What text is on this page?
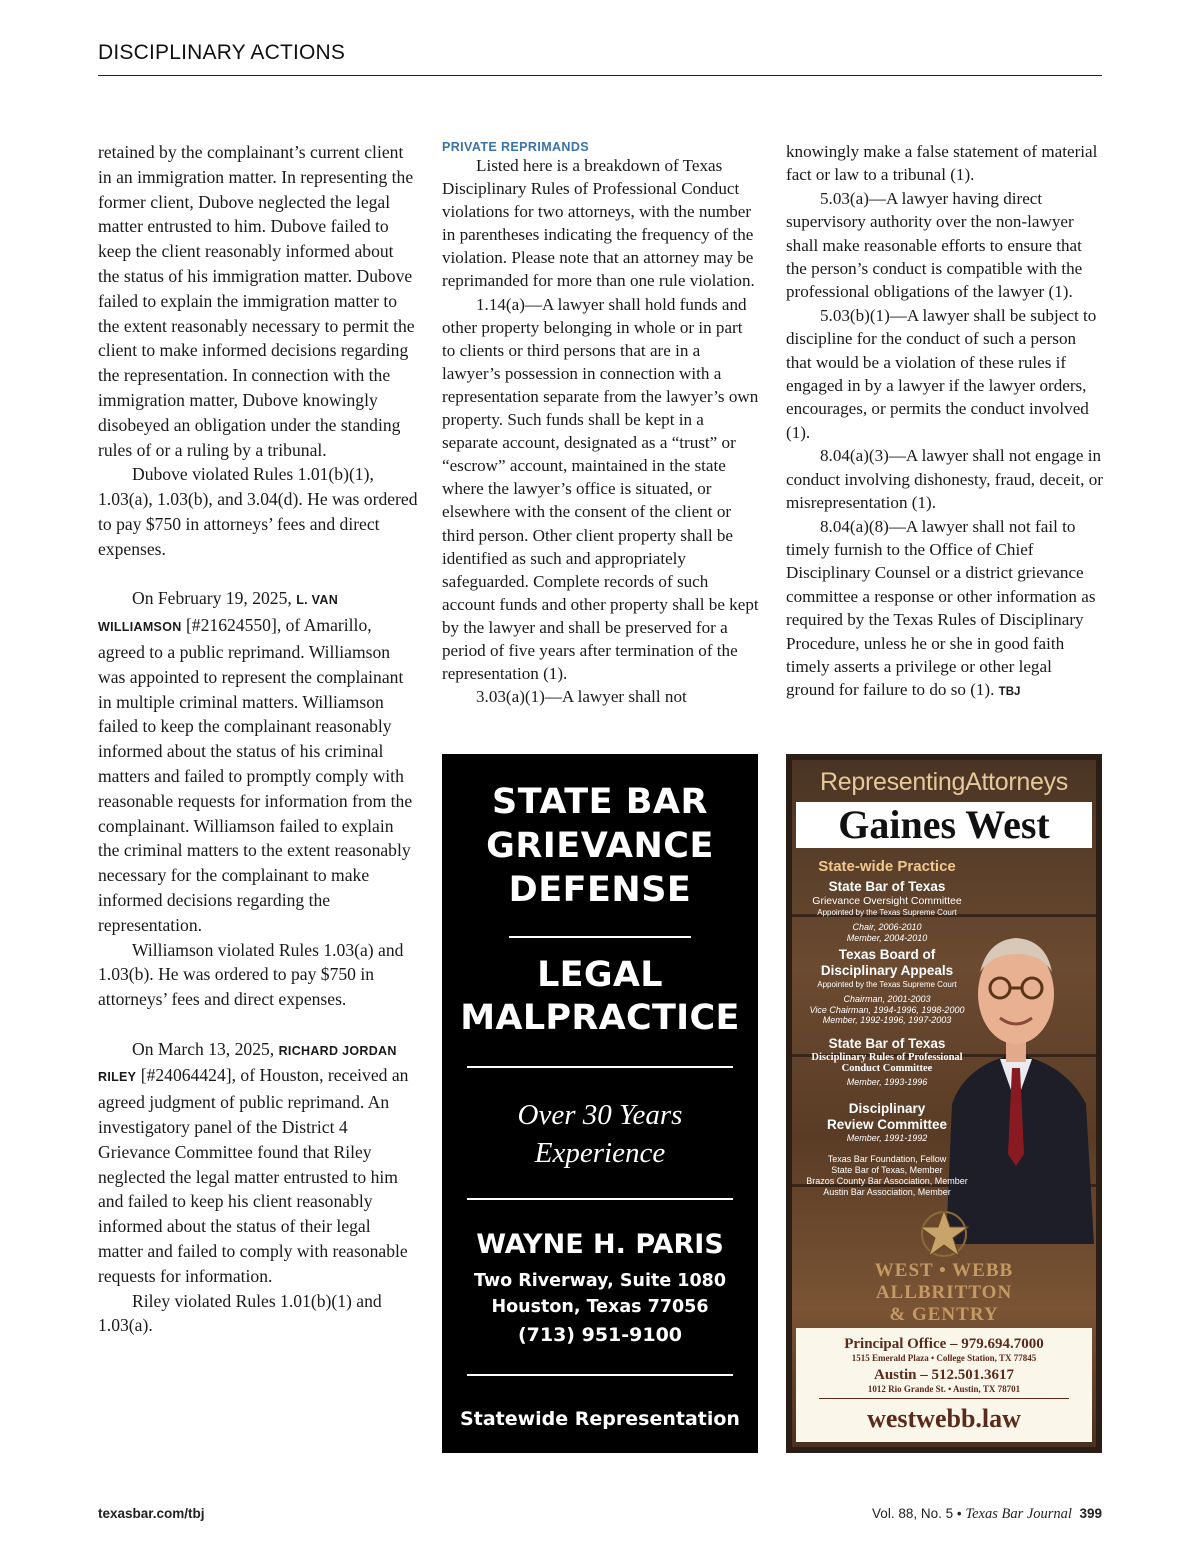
DISCIPLINARY ACTIONS

retained by the complainant’s current client in an immigration matter. In representing the former client, Dubove neglected the legal matter entrusted to him. Dubove failed to keep the client reasonably informed about the status of his immigration matter. Dubove failed to explain the immigration matter to the extent reasonably necessary to permit the client to make informed decisions regarding the representation. In connection with the immigration matter, Dubove knowingly disobeyed an obligation under the standing rules of or a ruling by a tribunal.

Dubove violated Rules 1.01(b)(1), 1.03(a), 1.03(b), and 3.04(d). He was ordered to pay $750 in attorneys’ fees and direct expenses.

On February 19, 2025, L. VAN WILLIAMSON [#21624550], of Amarillo, agreed to a public reprimand. Williamson was appointed to represent the complainant in multiple criminal matters. Williamson failed to keep the complainant reasonably informed about the status of his criminal matters and failed to promptly comply with reasonable requests for information from the complainant. Williamson failed to explain the criminal matters to the extent reasonably necessary for the complainant to make informed decisions regarding the representation.

Williamson violated Rules 1.03(a) and 1.03(b). He was ordered to pay $750 in attorneys’ fees and direct expenses.

On March 13, 2025, RICHARD JORDAN RILEY [#24064424], of Houston, received an agreed judgment of public reprimand. An investigatory panel of the District 4 Grievance Committee found that Riley neglected the legal matter entrusted to him and failed to keep his client reasonably informed about the status of their legal matter and failed to comply with reasonable requests for information.

Riley violated Rules 1.01(b)(1) and 1.03(a).

PRIVATE REPRIMANDS

Listed here is a breakdown of Texas Disciplinary Rules of Professional Conduct violations for two attorneys, with the number in parentheses indicating the frequency of the violation. Please note that an attorney may be reprimanded for more than one rule violation.

1.14(a)—A lawyer shall hold funds and other property belonging in whole or in part to clients or third persons that are in a lawyer’s possession in connection with a representation separate from the lawyer’s own property. Such funds shall be kept in a separate account, designated as a “trust” or “escrow” account, maintained in the state where the lawyer’s office is situated, or elsewhere with the consent of the client or third person. Other client property shall be identified as such and appropriately safeguarded. Complete records of such account funds and other property shall be kept by the lawyer and shall be preserved for a period of five years after termination of the representation (1).

3.03(a)(1)—A lawyer shall not

knowingly make a false statement of material fact or law to a tribunal (1).

5.03(a)—A lawyer having direct supervisory authority over the non-lawyer shall make reasonable efforts to ensure that the person’s conduct is compatible with the professional obligations of the lawyer (1).

5.03(b)(1)—A lawyer shall be subject to discipline for the conduct of such a person that would be a violation of these rules if engaged in by a lawyer if the lawyer orders, encourages, or permits the conduct involved (1).

8.04(a)(3)—A lawyer shall not engage in conduct involving dishonesty, fraud, deceit, or misrepresentation (1).

8.04(a)(8)—A lawyer shall not fail to timely furnish to the Office of Chief Disciplinary Counsel or a district grievance committee a response or other information as required by the Texas Rules of Disciplinary Procedure, unless he or she in good faith timely asserts a privilege or other legal ground for failure to do so (1). TBJ

STATE BAR
GRIEVANCE
DEFENSE
LEGAL
MALPRACTICE
Over 30 Years
Experience
WAYNE H. PARIS
Two Riverway, Suite 1080
Houston, Texas 77056
(713) 951-9100
Statewide Representation
RepresentingAttorneys
Gaines West
State-wide Practice
State Bar of Texas
Grievance Oversight Committee
Appointed by the Texas Supreme Court
Chair, 2006-2010
Member, 2004-2010
Texas Board of
Disciplinary Appeals
Appointed by the Texas Supreme Court
Chairman, 2001-2003
Vice Chairman, 1994-1996, 1998-2000
Member, 1992-1996, 1997-2003
State Bar of Texas
Disciplinary Rules of Professional
Conduct Committee
Member, 1993-1996
Disciplinary
Review Committee
Member, 1991-1992
Texas Bar Foundation, Fellow
State Bar of Texas, Member
Brazos County Bar Association, Member
Austin Bar Association, Member
WEST • WEBB
ALLBRITTON
& GENTRY
Principal Office – 979.694.7000
1515 Emerald Plaza • College Station, TX 77845
Austin – 512.501.3617
1012 Rio Grande St. • Austin, TX 78701
westwebb.law
texasbar.com/tbj	Vol. 88, No. 5 • Texas Bar Journal 399
